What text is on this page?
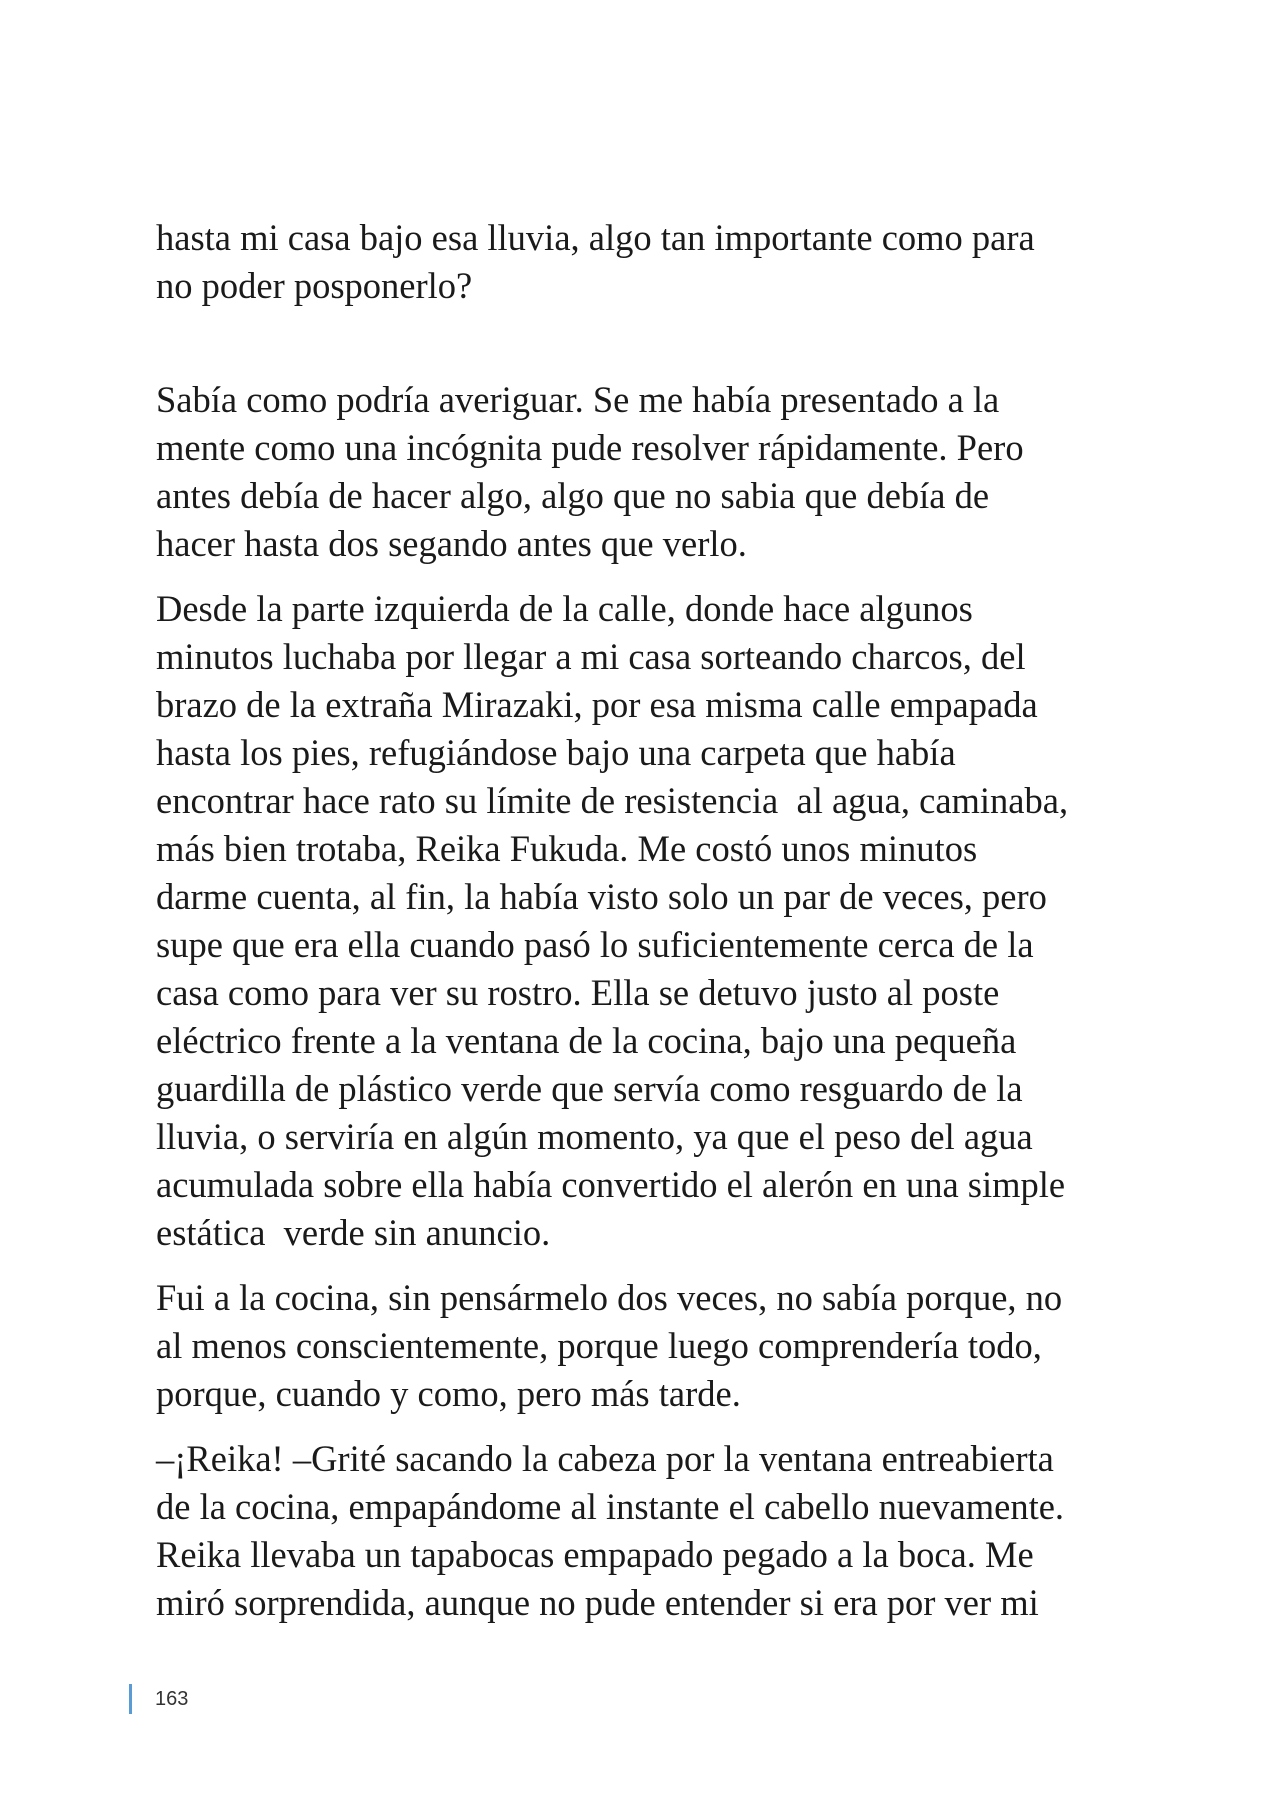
hasta mi casa bajo esa lluvia, algo tan importante como para
no poder posponerlo?
Sabía como podría averiguar. Se me había presentado a la
mente como una incógnita pude resolver rápidamente. Pero
antes debía de hacer algo, algo que no sabia que debía de
hacer hasta dos segando antes que verlo.
Desde la parte izquierda de la calle, donde hace algunos
minutos luchaba por llegar a mi casa sorteando charcos, del
brazo de la extraña Mirazaki, por esa misma calle empapada
hasta los pies, refugiándose bajo una carpeta que había
encontrar hace rato su límite de resistencia  al agua, caminaba,
más bien trotaba, Reika Fukuda. Me costó unos minutos
darme cuenta, al fin, la había visto solo un par de veces, pero
supe que era ella cuando pasó lo suficientemente cerca de la
casa como para ver su rostro. Ella se detuvo justo al poste
eléctrico frente a la ventana de la cocina, bajo una pequeña
guardilla de plástico verde que servía como resguardo de la
lluvia, o serviría en algún momento, ya que el peso del agua
acumulada sobre ella había convertido el alerón en una simple
estática  verde sin anuncio.
Fui a la cocina, sin pensármelo dos veces, no sabía porque, no
al menos conscientemente, porque luego comprendería todo,
porque, cuando y como, pero más tarde.
–¡Reika! –Grité sacando la cabeza por la ventana entreabierta
de la cocina, empapándome al instante el cabello nuevamente.
Reika llevaba un tapabocas empapado pegado a la boca. Me
miró sorprendida, aunque no pude entender si era por ver mi
163
